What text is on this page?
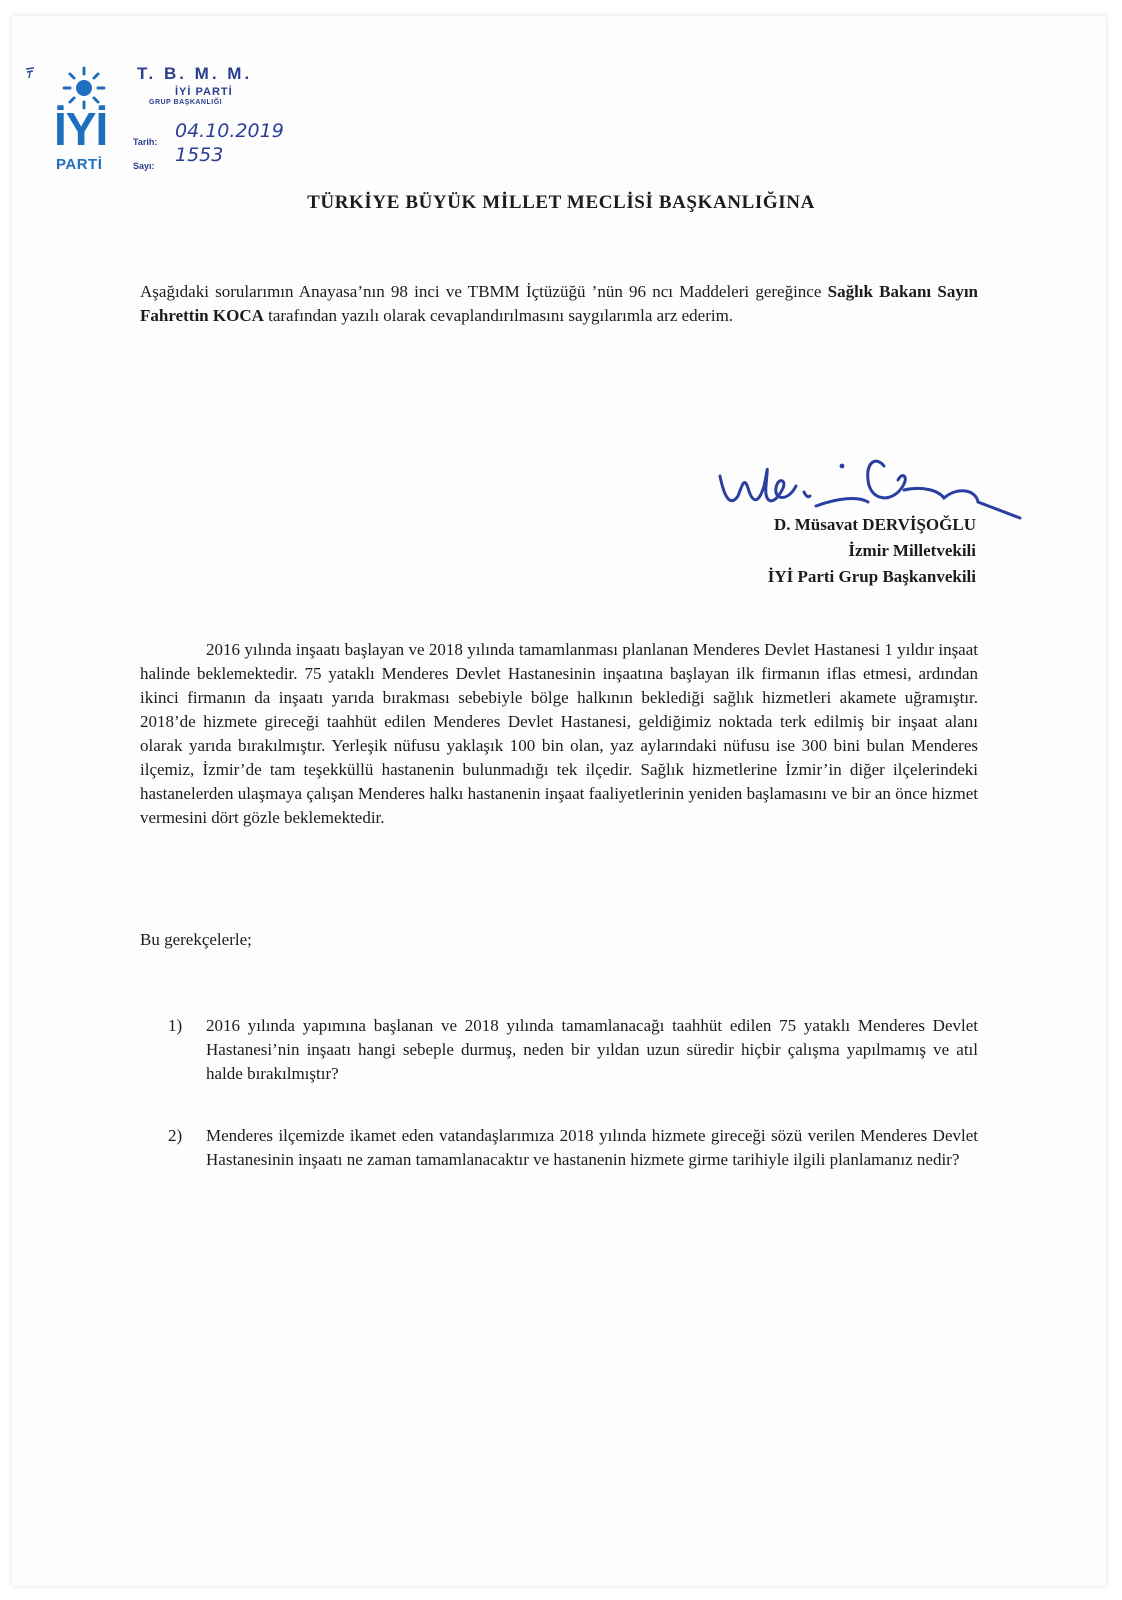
İYİ
PARTİ
T. B. M. M.
İYİ PARTİ
GRUP BAŞKANLIĞI
Tarih: 04.10.2019
Sayı: 1553
TÜRKİYE BÜYÜK MİLLET MECLİSİ BAŞKANLIĞINA
Aşağıdaki sorularımın Anayasa’nın 98 inci ve TBMM İçtüzüğü ’nün 96 ncı Maddeleri gereğince Sağlık Bakanı Sayın Fahrettin KOCA tarafından yazılı olarak cevaplandırılmasını saygılarımla arz ederim.
D. Müsavat DERVİŞOĞLU
İzmir Milletvekili
İYİ Parti Grup Başkanvekili
2016 yılında inşaatı başlayan ve 2018 yılında tamamlanması planlanan Menderes Devlet Hastanesi 1 yıldır inşaat halinde beklemektedir. 75 yataklı Menderes Devlet Hastanesinin inşaatına başlayan ilk firmanın iflas etmesi, ardından ikinci firmanın da inşaatı yarıda bırakması sebebiyle bölge halkının beklediği sağlık hizmetleri akamete uğramıştır. 2018’de hizmete gireceği taahhüt edilen Menderes Devlet Hastanesi, geldiğimiz noktada terk edilmiş bir inşaat alanı olarak yarıda bırakılmıştır. Yerleşik nüfusu yaklaşık 100 bin olan, yaz aylarındaki nüfusu ise 300 bini bulan Menderes ilçemiz, İzmir’de tam teşekküllü hastanenin bulunmadığı tek ilçedir. Sağlık hizmetlerine İzmir’in diğer ilçelerindeki hastanelerden ulaşmaya çalışan Menderes halkı hastanenin inşaat faaliyetlerinin yeniden başlamasını ve bir an önce hizmet vermesini dört gözle beklemektedir.
Bu gerekçelerle;
1) 2016 yılında yapımına başlanan ve 2018 yılında tamamlanacağı taahhüt edilen 75 yataklı Menderes Devlet Hastanesi’nin inşaatı hangi sebeple durmuş, neden bir yıldan uzun süredir hiçbir çalışma yapılmamış ve atıl halde bırakılmıştır?
2) Menderes ilçemizde ikamet eden vatandaşlarımıza 2018 yılında hizmete gireceği sözü verilen Menderes Devlet Hastanesinin inşaatı ne zaman tamamlanacaktır ve hastanenin hizmete girme tarihiyle ilgili planlamanız nedir?
